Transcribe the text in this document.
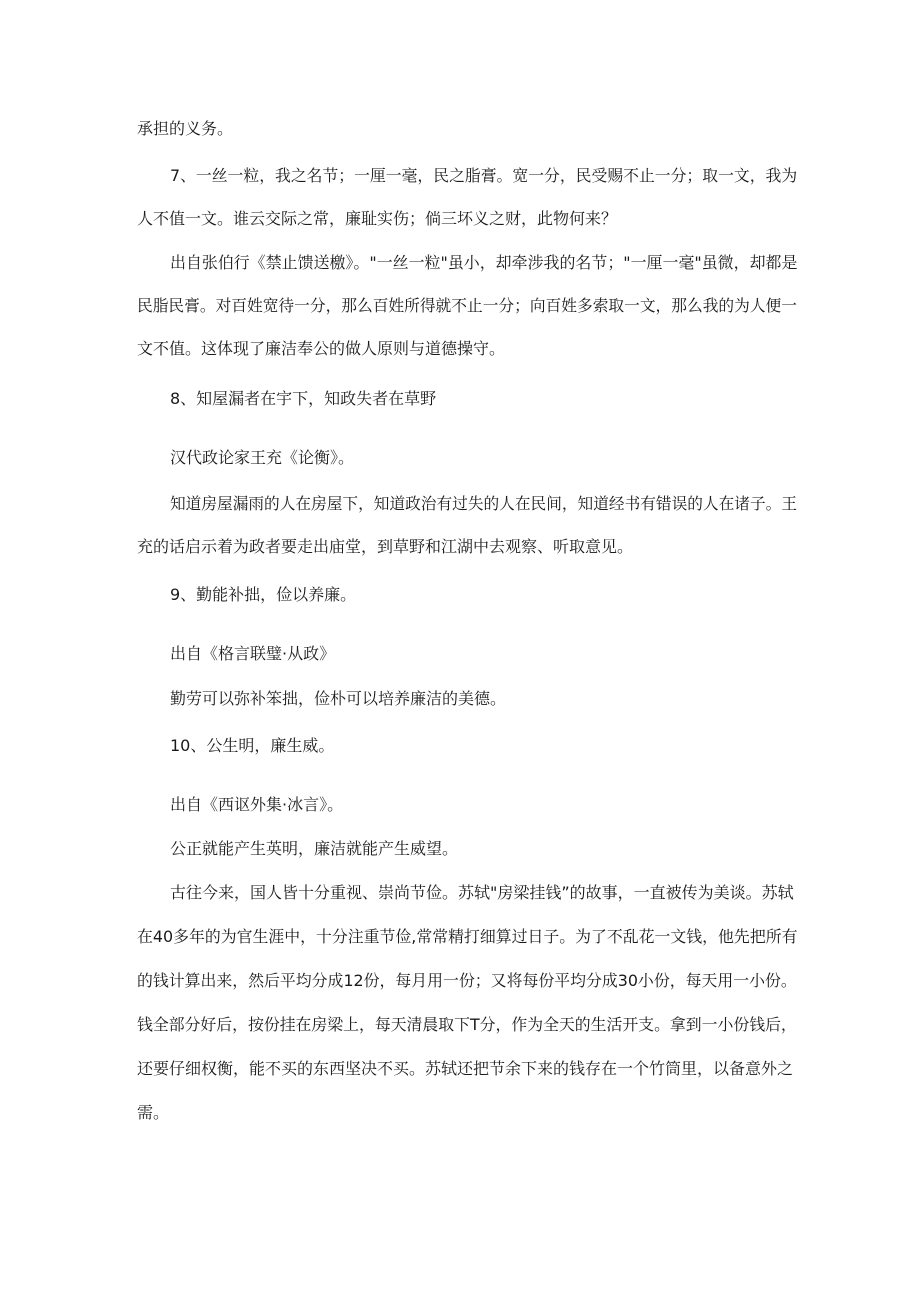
承担的义务。
7、一丝一粒，我之名节；一厘一毫，民之脂膏。宽一分，民受赐不止一分；取一文，我为
人不值一文。谁云交际之常，廉耻实伤；倘三坏义之财，此物何来？
出自张伯行《禁止馈送檄》。"一丝一粒"虽小，却牵涉我的名节；"一厘一毫"虽微，却都是
民脂民膏。对百姓宽待一分，那么百姓所得就不止一分；向百姓多索取一文，那么我的为人便一
文不值。这体现了廉洁奉公的做人原则与道德操守。
8、知屋漏者在宇下，知政失者在草野
汉代政论家王充《论衡》。
知道房屋漏雨的人在房屋下，知道政治有过失的人在民间，知道经书有错误的人在诸子。王
充的话启示着为政者要走出庙堂，到草野和江湖中去观察、听取意见。
9、勤能补拙，俭以养廉。
出自《格言联璧·从政》
勤劳可以弥补笨拙，俭朴可以培养廉洁的美德。
10、公生明，廉生威。
出自《西讴外集·冰言》。
公正就能产生英明，廉洁就能产生威望。
古往今来，国人皆十分重视、崇尚节俭。苏轼"房梁挂钱”的故事，一直被传为美谈。苏轼
在40多年的为官生涯中，十分注重节俭,常常精打细算过日子。为了不乱花一文钱，他先把所有
的钱计算出来，然后平均分成12份，每月用一份；又将每份平均分成30小份，每天用一小份。
钱全部分好后，按份挂在房梁上，每天清晨取下T分，作为全天的生活开支。拿到一小份钱后，
还要仔细权衡，能不买的东西坚决不买。苏轼还把节余下来的钱存在一个竹筒里，以备意外之
需。
